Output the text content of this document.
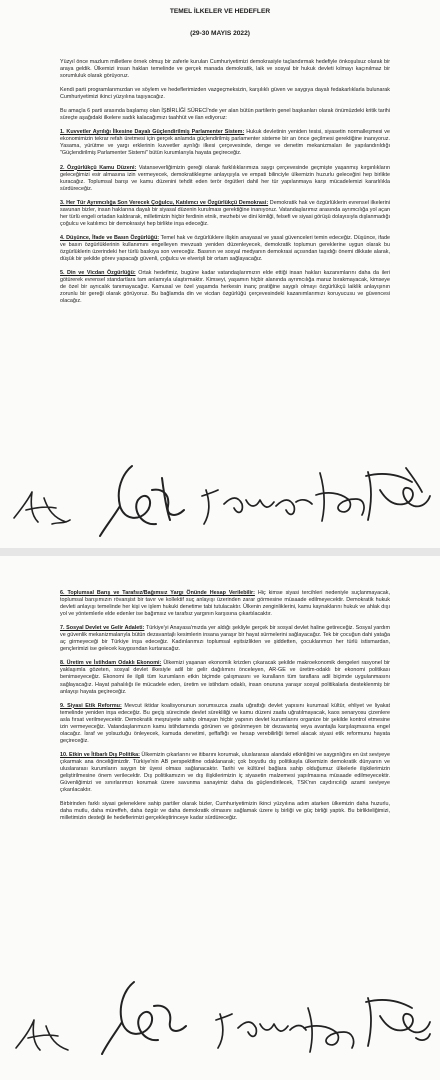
TEMEL İLKELER VE HEDEFLER
(29-30 MAYIS 2022)

Yüzyıl önce mazlum milletlere örnek olmuş bir zaferle kurulan Cumhuriyetimizi demokrasiyle taçlandırmak hedefiyle önkoşulsuz olarak bir araya geldik. Ülkemizi insan hakları temelinde ve gerçek manada demokratik, laik ve sosyal bir hukuk devleti kılmayı kaçınılmaz bir sorumluluk olarak görüyoruz.

Kendi parti programlarımızdan ve söylem ve hedeflerimizden vazgeçmeksizin, karşılıklı güven ve saygıya dayalı fedakarlıklarla bulunarak Cumhuriyetimizi ikinci yüzyılına taşıyacağız.

Bu amaçla 6 parti arasında başlamış olan İŞBİRLİĞİ SÜRECİ'nde yer alan bütün partilerin genel başkanları olarak önümüzdeki kritik tarihi süreçte aşağıdaki ilkelere sadık kalacağımızı taahhüt ve ilan ediyoruz:

1. Kuvvetler Ayrılığı İlkesine Dayalı Güçlendirilmiş Parlamenter Sistem: Hukuk devletinin yeniden tesisi, siyasetin normalleşmesi ve ekonomimizin tekrar refah üretmesi için gerçek anlamda güçlendirilmiş parlamenter sisteme bir an önce geçilmesi gerektiğine inanıyoruz. Yasama, yürütme ve yargı erklerinin kuvvetler ayrılığı ilkesi çerçevesinde, denge ve denetim mekanizmaları ile yapılandırıldığı "Güçlendirilmiş Parlamenter Sistemi" bütün kurumlarıyla hayata geçireceğiz.

2. Özgürlükçü Kamu Düzeni: Vatanseverliğimizin gereği olarak farklılıklarımıza saygı çerçevesinde geçmişte yaşanmış kırgınlıkların geleceğimizi esir almasına izin vermeyecek, demokratikleşme anlayışıyla ve empati bilinciyle ülkemizin huzurlu geleceğini hep birlikte kuracağız. Toplumsal barışı ve kamu düzenini tehdit eden terör örgütleri dahil her tür yapılanmaya karşı mücadelemizi kararlılıkla sürdüreceğiz.

3. Her Tür Ayrımcılığa Son Verecek Çoğulcu, Katılımcı ve Özgürlükçü Demokrasi: Demokratik hak ve özgürlüklerin evrensel ilkelerini savunan bizler, insan haklarına dayalı bir siyasal düzenin kurulması gerektiğine inanıyoruz. Vatandaşlarımız arasında ayrımcılığa yol açan her türlü engeli ortadan kaldırarak, milletimizin hiçbir ferdinin etnik, mezhebi ve dini kimliği, felsefi ve siyasi görüşü dolayısıyla dışlanmadığı çoğulcu ve katılımcı bir demokrasiyi hep birlikte inşa edeceğiz.

4. Düşünce, İfade ve Basın Özgürlüğü: Temel hak ve özgürlüklere ilişkin anayasal ve yasal güvenceleri temin edeceğiz. Düşünce, ifade ve basın özgürlüklerinin kullanımını engelleyen mevzuatı yeniden düzenleyecek, demokratik toplumun gereklerine uygun olarak bu özgürlüklerin üzerindeki her türlü baskıya son vereceğiz. Basının ve sosyal medyanın demokrasi açısından taşıdığı önemi dikkate alarak, düşük bir şekilde görev yapacağı güvenli, çoğulcu ve elverişli bir ortam sağlayacağız.

5. Din ve Vicdan Özgürlüğü: Ortak hedefimiz, bugüne kadar vatandaşlarımızın elde ettiği insan hakları kazanımlarını daha da ileri götürerek evrensel standartlara tam anlamıyla ulaştırmaktır. Kimseyi, yaşamın hiçbir alanında ayrımcılığa maruz bırakmayacak, kimseye de özel bir ayrıcalık tanımayacağız. Kamusal ve özel yaşamda herkesin inanç pratiğine saygılı olmayı özgürlükçü laiklik anlayışının zorunlu bir gereği olarak görüyoruz. Bu bağlamda din ve vicdan özgürlüğü çerçevesindeki kazanımlarımızı koruyucusu ve güvencesi olacağız.

6. Toplumsal Barış ve Tarafsız/Bağımsız Yargı Önünde Hesap Verilebilir: Hiç kimse siyasi tercihleri nedeniyle suçlanmayacak, toplumsal barışımızın rövanşist bir tavır ve kollektif suç anlayışı üzerinden zarar görmesine müsaade edilmeyecektir. Demokratik hukuk devleti anlayışı temelinde her kişi ve işlem hukuki denetime tabi tutulacaktır. Ülkenin zenginliklerini, kamu kaynaklarını hukuk ve ahlak dışı yol ve yöntemlerle elde edenler ise bağımsız ve tarafsız yargının karşısına çıkartılacaktır.

7. Sosyal Devlet ve Gelir Adaleti: Türkiye'yi Anayasa'mızda yer aldığı şekliyle gerçek bir sosyal devlet haline getireceğiz. Sosyal yardım ve güvenlik mekanizmalarıyla bütün dezavantajlı kesimlerin insana yaraşır bir hayat sürmelerini sağlayacağız. Tek bir çocuğun dahi yatağa aç girmeyeceği bir Türkiye inşa edeceğiz. Kadınlarımızı toplumsal eşitsizlikten ve şiddetten, çocuklarımızı her türlü istismardan, gençlerimizi ise gelecek kaygısından kurtaracağız.

8. Üretim ve İstihdam Odaklı Ekonomi: Ülkemizi yaşanan ekonomik krizden çıkaracak şekilde makroekonomik dengeleri rasyonel bir yaklaşımla gözeten, sosyal devlet ilkesiyle adil bir gelir dağılımını önceleyen, AR-GE ve üretim-odaklı bir ekonomi politikası benimseyeceğiz. Ekonomi ile ilgili tüm kurumların etkin biçimde çalışmasını ve kuralların tüm taraflara adil biçimde uygulanmasını sağlayacağız. Hayat pahalılığı ile mücadele eden, üretim ve istihdam odaklı, insan onuruna yaraşır sosyal politikalarla desteklenmiş bir anlayışı hayata geçireceğiz.

9. Siyasi Etik Reformu: Mevcut iktidar koalisyonunun sorumsuzca zaafa uğrattığı devlet yapısını kurumsal kültür, ehliyet ve liyakat temelinde yeniden inşa edeceğiz. Bu geçiş sürecinde devlet sürekliliği ve kamu düzeni zaafa uğratılmayacak, kaos senaryosu çizenlere asla fırsat verilmeyecektir. Demokratik meşruiyete sahip olmayan hiçbir yapının devlet kurumlarını organize bir şekilde kontrol etmesine izin vermeyeceğiz. Vatandaşlarımızın kamu istihdamında görünen ve görünmeyen bir dezavantaj veya avantajla karşılaşmasına engel olacağız. İsraf ve yolsuzluğu önleyecek, kamuda denetimi, şeffaflığı ve hesap verebilirliği temel alacak siyasi etik reformunu hayata geçireceğiz.

10. Etkin ve İtibarlı Dış Politika: Ülkemizin çıkarlarını ve itibarını korumak, uluslararası alandaki etkinliğini ve saygınlığını en üst seviyeye çıkarmak ana önceliğimizdir. Türkiye'nin AB perspektifine odaklanarak; çok boyutlu dış politikayla ülkemizin demokratik dünyanın ve uluslararası kurumların saygın bir üyesi olması sağlanacaktır. Tarihi ve kültürel bağlara sahip olduğumuz ülkelerle ilişkilerimizin geliştirilmesine önem verilecektir. Dış politikamızın ve dış ilişkilerimizin iç siyasetin malzemesi yapılmasına müsaade edilmeyecektir. Güvenliğimizi ve sınırlarımızı korumak üzere savunma sanayimiz daha da güçlendirilecek, TSK'nın caydırıcılığı azami seviyeye çıkarılacaktır.

Birbirinden farklı siyasi geleneklere sahip partiler olarak bizler, Cumhuriyetimizin ikinci yüzyılına adım atarken ülkemizin daha huzurlu, daha mutlu, daha müreffeh, daha özgür ve daha demokratik olmasını sağlamak üzere iş birliği ve güç birliği yaptık. Bu birlikteliğimizi, milletimizin desteği ile hedeflerimizi gerçekleştirinceye kadar sürdüreceğiz.
